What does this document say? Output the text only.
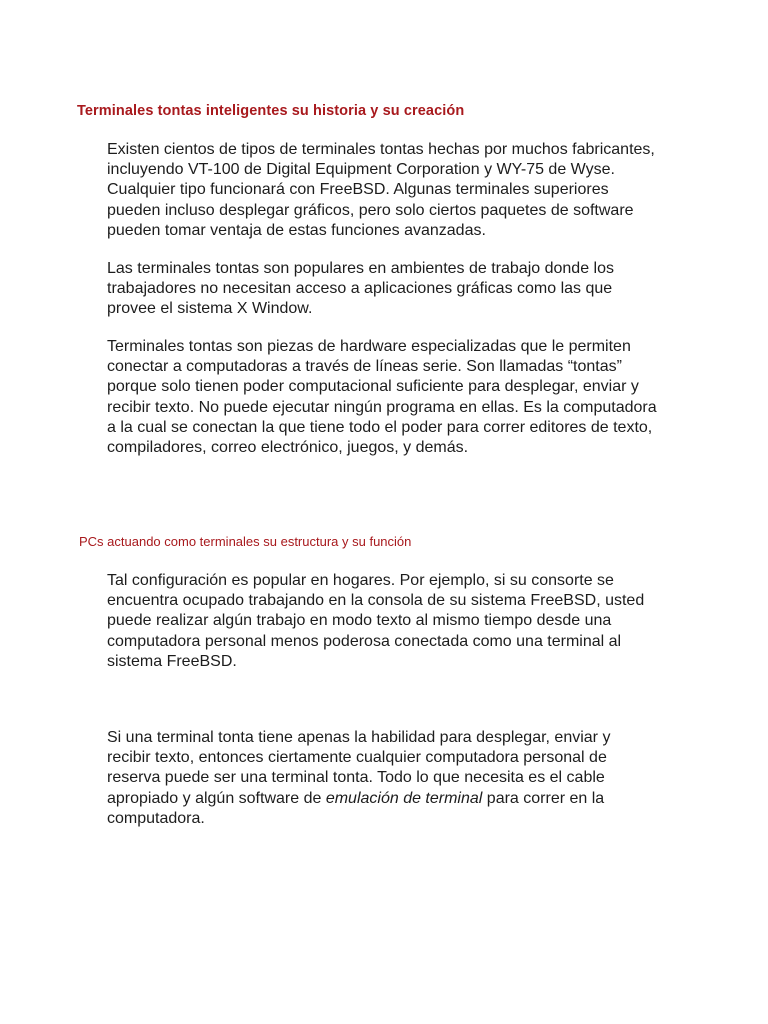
Terminales tontas inteligentes su historia y su creación

Existen cientos de tipos de terminales tontas hechas por muchos fabricantes, incluyendo VT-100 de Digital Equipment Corporation y WY-75 de Wyse. Cualquier tipo funcionará con FreeBSD. Algunas terminales superiores pueden incluso desplegar gráficos, pero solo ciertos paquetes de software pueden tomar ventaja de estas funciones avanzadas.

Las terminales tontas son populares en ambientes de trabajo donde los trabajadores no necesitan acceso a aplicaciones gráficas como las que provee el sistema X Window.

Terminales tontas son piezas de hardware especializadas que le permiten conectar a computadoras a través de líneas serie. Son llamadas “tontas” porque solo tienen poder computacional suficiente para desplegar, enviar y recibir texto. No puede ejecutar ningún programa en ellas. Es la computadora a la cual se conectan la que tiene todo el poder para correr editores de texto, compiladores, correo electrónico, juegos, y demás.

PCs actuando como terminales su estructura y su función

Tal configuración es popular en hogares. Por ejemplo, si su consorte se encuentra ocupado trabajando en la consola de su sistema FreeBSD, usted puede realizar algún trabajo en modo texto al mismo tiempo desde una computadora personal menos poderosa conectada como una terminal al sistema FreeBSD.

Si una terminal tonta tiene apenas la habilidad para desplegar, enviar y recibir texto, entonces ciertamente cualquier computadora personal de reserva puede ser una terminal tonta. Todo lo que necesita es el cable apropiado y algún software de emulación de terminal para correr en la computadora.
